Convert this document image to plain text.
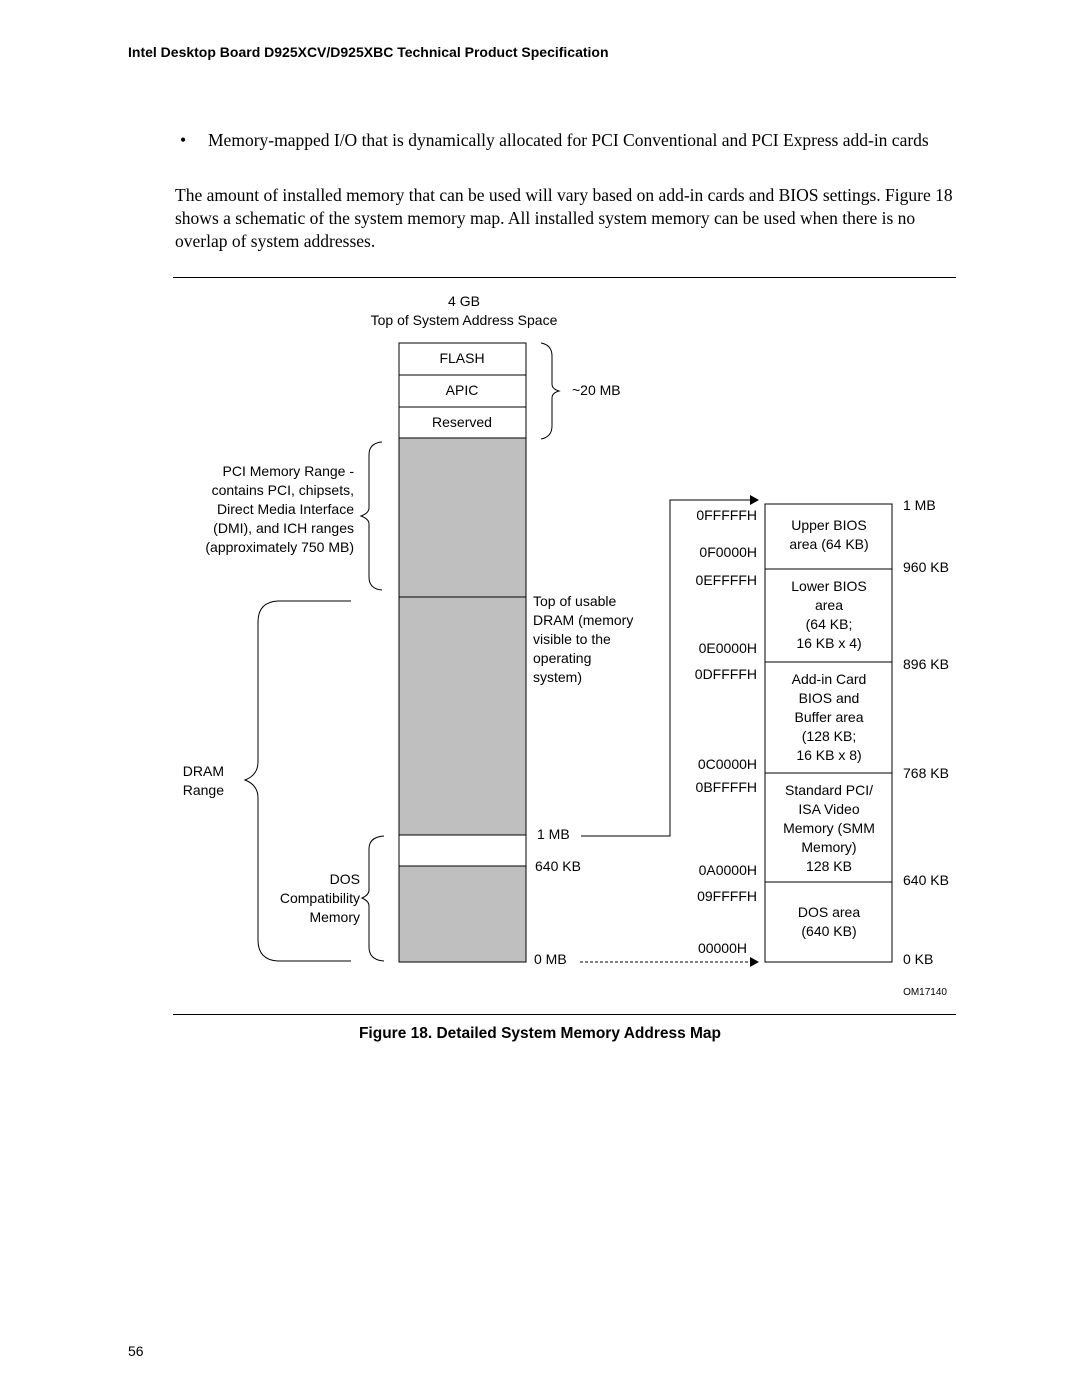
Intel Desktop Board D925XCV/D925XBC Technical Product Specification
• Memory-mapped I/O that is dynamically allocated for PCI Conventional and PCI Express add-in cards
The amount of installed memory that can be used will vary based on add-in cards and BIOS settings. Figure 18 shows a schematic of the system memory map. All installed system memory can be used when there is no overlap of system addresses.
4 GB
Top of System Address Space
FLASH
APIC
Reserved
~20 MB
PCI Memory Range -
contains PCI, chipsets,
Direct Media Interface
(DMI), and ICH ranges
(approximately 750 MB)
DRAM
Range
DOS
Compatibility
Memory
Top of usable
DRAM (memory
visible to the
operating
system)
1 MB
640 KB
0 MB
0FFFFFH
0F0000H
0EFFFFH
0E0000H
0DFFFFH
0C0000H
0BFFFFH
0A0000H
09FFFFH
00000H
Upper BIOS
area (64 KB)
Lower BIOS
area
(64 KB;
16 KB x 4)
Add-in Card
BIOS and
Buffer area
(128 KB;
16 KB x 8)
Standard PCI/
ISA Video
Memory (SMM
Memory)
128 KB
DOS area
(640 KB)
1 MB
960 KB
896 KB
768 KB
640 KB
0 KB
OM17140
Figure 18. Detailed System Memory Address Map
56
